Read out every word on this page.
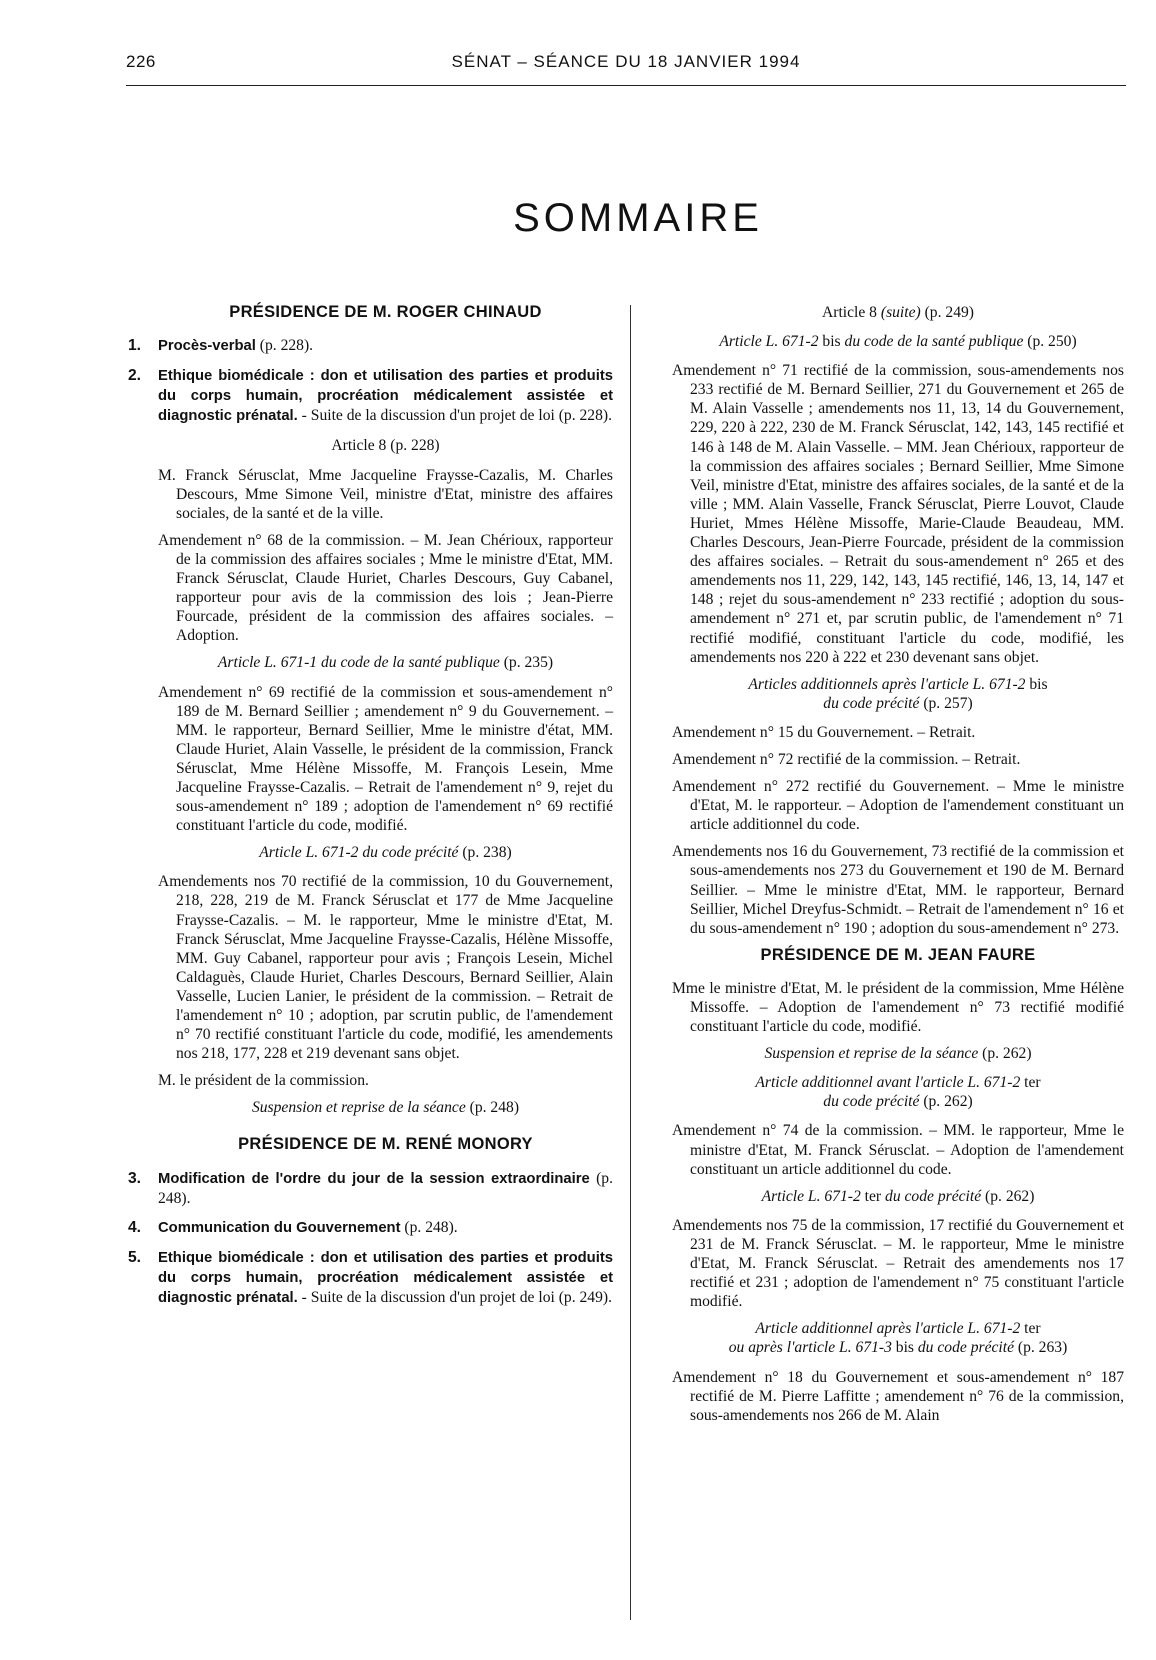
226	SÉNAT – SÉANCE DU 18 JANVIER 1994
SOMMAIRE
PRÉSIDENCE DE M. ROGER CHINAUD
1. Procès-verbal (p. 228).
2. Ethique biomédicale : don et utilisation des parties et produits du corps humain, procréation médicalement assistée et diagnostic prénatal. - Suite de la discussion d'un projet de loi (p. 228).
Article 8 (p. 228)
M. Franck Sérusclat, Mme Jacqueline Fraysse-Cazalis, M. Charles Descours, Mme Simone Veil, ministre d'Etat, ministre des affaires sociales, de la santé et de la ville.
Amendement n° 68 de la commission. – M. Jean Chérioux, rapporteur de la commission des affaires sociales ; Mme le ministre d'Etat, MM. Franck Sérusclat, Claude Huriet, Charles Descours, Guy Cabanel, rapporteur pour avis de la commission des lois ; Jean-Pierre Fourcade, président de la commission des affaires sociales. – Adoption.
Article L. 671-1 du code de la santé publique (p. 235)
Amendement n° 69 rectifié de la commission et sous-amendement n° 189 de M. Bernard Seillier ; amendement n° 9 du Gouvernement. – MM. le rapporteur, Bernard Seillier, Mme le ministre d'état, MM. Claude Huriet, Alain Vasselle, le président de la commission, Franck Sérusclat, Mme Hélène Missoffe, M. François Lesein, Mme Jacqueline Fraysse-Cazalis. – Retrait de l'amendement n° 9, rejet du sous-amendement n° 189 ; adoption de l'amendement n° 69 rectifié constituant l'article du code, modifié.
Article L. 671-2 du code précité (p. 238)
Amendements nos 70 rectifié de la commission, 10 du Gouvernement, 218, 228, 219 de M. Franck Sérusclat et 177 de Mme Jacqueline Fraysse-Cazalis. – M. le rapporteur, Mme le ministre d'Etat, M. Franck Sérusclat, Mme Jacqueline Fraysse-Cazalis, Hélène Missoffe, MM. Guy Cabanel, rapporteur pour avis ; François Lesein, Michel Caldaguès, Claude Huriet, Charles Descours, Bernard Seillier, Alain Vasselle, Lucien Lanier, le président de la commission. – Retrait de l'amendement n° 10 ; adoption, par scrutin public, de l'amendement n° 70 rectifié constituant l'article du code, modifié, les amendements nos 218, 177, 228 et 219 devenant sans objet.
M. le président de la commission.
Suspension et reprise de la séance (p. 248)
PRÉSIDENCE DE M. RENÉ MONORY
3. Modification de l'ordre du jour de la session extraordinaire (p. 248).
4. Communication du Gouvernement (p. 248).
5. Ethique biomédicale : don et utilisation des parties et produits du corps humain, procréation médicalement assistée et diagnostic prénatal. - Suite de la discussion d'un projet de loi (p. 249).
Article 8 (suite) (p. 249)
Article L. 671-2 bis du code de la santé publique (p. 250)
Amendement n° 71 rectifié de la commission, sous-amendements nos 233 rectifié de M. Bernard Seillier, 271 du Gouvernement et 265 de M. Alain Vasselle ; amendements nos 11, 13, 14 du Gouvernement, 229, 220 à 222, 230 de M. Franck Sérusclat, 142, 143, 145 rectifié et 146 à 148 de M. Alain Vasselle. – MM. Jean Chérioux, rapporteur de la commission des affaires sociales ; Bernard Seillier, Mme Simone Veil, ministre d'Etat, ministre des affaires sociales, de la santé et de la ville ; MM. Alain Vasselle, Franck Sérusclat, Pierre Louvot, Claude Huriet, Mmes Hélène Missoffe, Marie-Claude Beaudeau, MM. Charles Descours, Jean-Pierre Fourcade, président de la commission des affaires sociales. – Retrait du sous-amendement n° 265 et des amendements nos 11, 229, 142, 143, 145 rectifié, 146, 13, 14, 147 et 148 ; rejet du sous-amendement n° 233 rectifié ; adoption du sous-amendement n° 271 et, par scrutin public, de l'amendement n° 71 rectifié modifié, constituant l'article du code, modifié, les amendements nos 220 à 222 et 230 devenant sans objet.
Articles additionnels après l'article L. 671-2 bis
du code précité (p. 257)
Amendement n° 15 du Gouvernement. – Retrait.
Amendement n° 72 rectifié de la commission. – Retrait.
Amendement n° 272 rectifié du Gouvernement. – Mme le ministre d'Etat, M. le rapporteur. – Adoption de l'amendement constituant un article additionnel du code.
Amendements nos 16 du Gouvernement, 73 rectifié de la commission et sous-amendements nos 273 du Gouvernement et 190 de M. Bernard Seillier. – Mme le ministre d'Etat, MM. le rapporteur, Bernard Seillier, Michel Dreyfus-Schmidt. – Retrait de l'amendement n° 16 et du sous-amendement n° 190 ; adoption du sous-amendement n° 273.
PRÉSIDENCE DE M. JEAN FAURE
Mme le ministre d'Etat, M. le président de la commission, Mme Hélène Missoffe. – Adoption de l'amendement n° 73 rectifié modifié constituant l'article du code, modifié.
Suspension et reprise de la séance (p. 262)
Article additionnel avant l'article L. 671-2 ter
du code précité (p. 262)
Amendement n° 74 de la commission. – MM. le rapporteur, Mme le ministre d'Etat, M. Franck Sérusclat. – Adoption de l'amendement constituant un article additionnel du code.
Article L. 671-2 ter du code précité (p. 262)
Amendements nos 75 de la commission, 17 rectifié du Gouvernement et 231 de M. Franck Sérusclat. – M. le rapporteur, Mme le ministre d'Etat, M. Franck Sérusclat. – Retrait des amendements nos 17 rectifié et 231 ; adoption de l'amendement n° 75 constituant l'article modifié.
Article additionnel après l'article L. 671-2 ter
ou après l'article L. 671-3 bis du code précité (p. 263)
Amendement n° 18 du Gouvernement et sous-amendement n° 187 rectifié de M. Pierre Laffitte ; amendement n° 76 de la commission, sous-amendements nos 266 de M. Alain
